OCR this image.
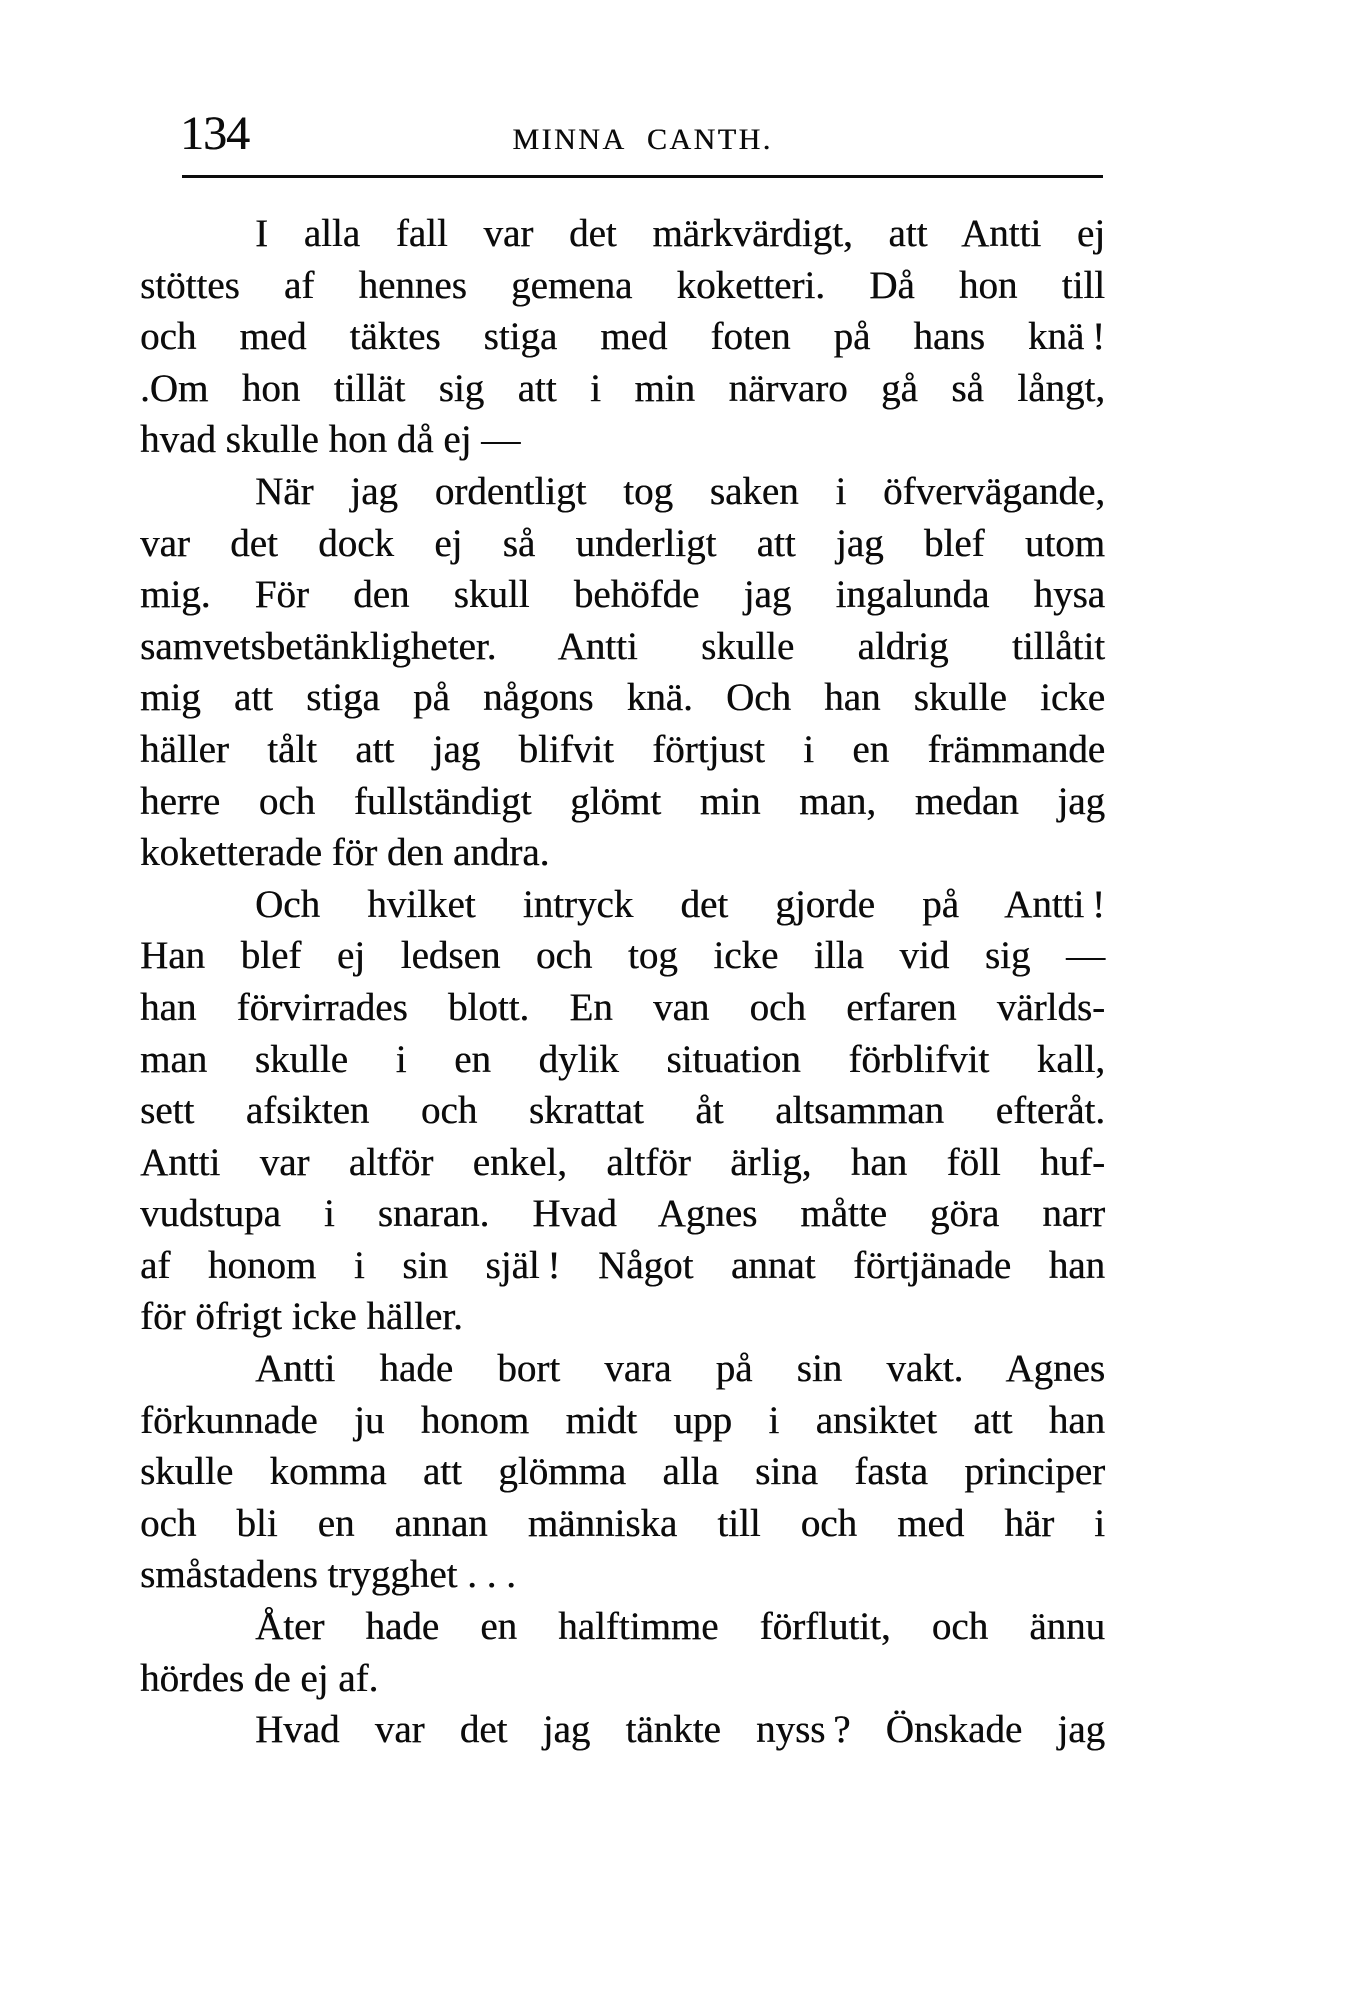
134	MINNA CANTH.
I alla fall var det märkvärdigt, att Antti ej
stöttes af hennes gemena koketteri. Då hon till
och med täktes stiga med foten på hans knä !
.Om hon tillät sig att i min närvaro gå så långt,
hvad skulle hon då ej —
När jag ordentligt tog saken i öfvervägande,
var det dock ej så underligt att jag blef utom
mig. För den skull behöfde jag ingalunda hysa
samvetsbetänkligheter. Antti skulle aldrig tillåtit
mig att stiga på någons knä. Och han skulle icke
häller tålt att jag blifvit förtjust i en främmande
herre och fullständigt glömt min man, medan jag
koketterade för den andra.
Och hvilket intryck det gjorde på Antti !
Han blef ej ledsen och tog icke illa vid sig —
han förvirrades blott. En van och erfaren världs-
man skulle i en dylik situation förblifvit kall,
sett afsikten och skrattat åt altsamman efteråt.
Antti var altför enkel, altför ärlig, han föll huf-
vudstupa i snaran. Hvad Agnes måtte göra narr
af honom i sin själ ! Något annat förtjänade han
för öfrigt icke häller.
Antti hade bort vara på sin vakt. Agnes
förkunnade ju honom midt upp i ansiktet att han
skulle komma att glömma alla sina fasta principer
och bli en annan människa till och med här i
småstadens trygghet . . .
Åter hade en halftimme förflutit, och ännu
hördes de ej af.
Hvad var det jag tänkte nyss ? Önskade jag
